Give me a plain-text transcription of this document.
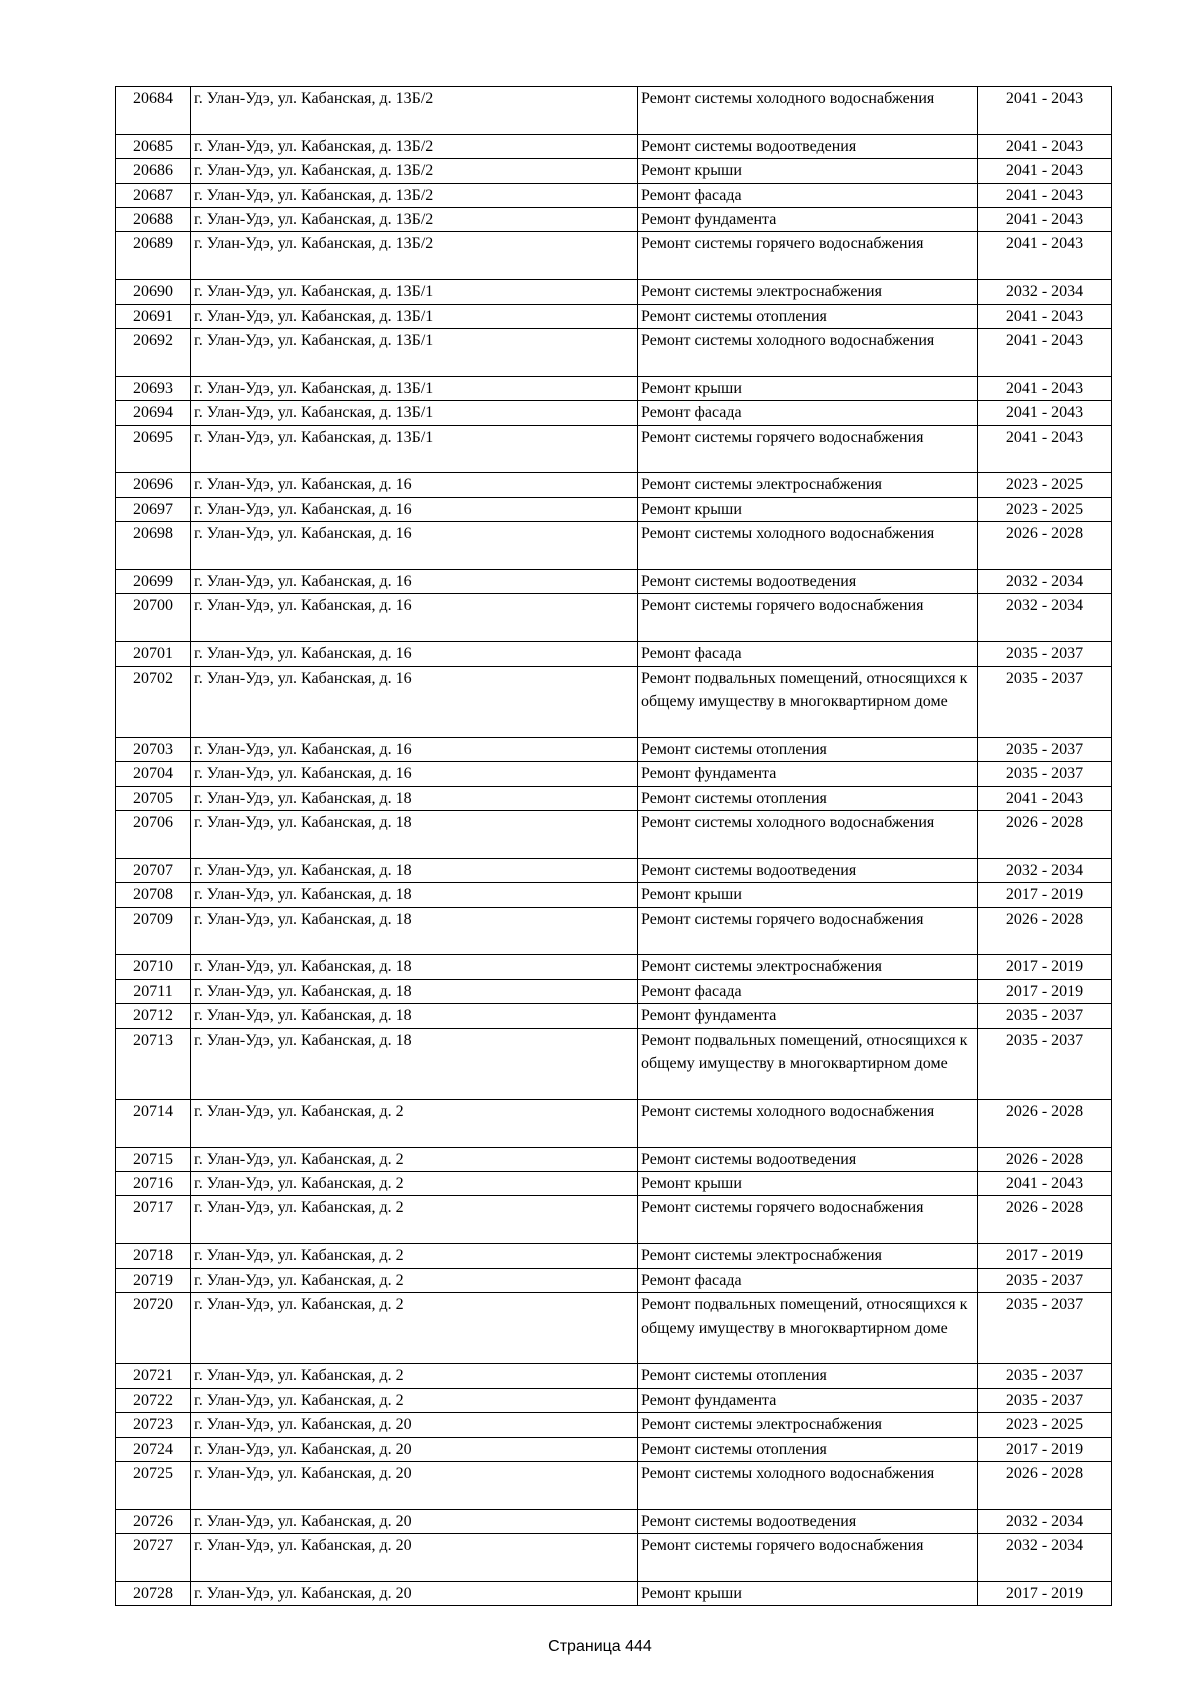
20684	г. Улан-Удэ, ул. Кабанская, д. 13Б/2	Ремонт системы холодного водоснабжения	2041 - 2043
20685	г. Улан-Удэ, ул. Кабанская, д. 13Б/2	Ремонт системы водоотведения	2041 - 2043
20686	г. Улан-Удэ, ул. Кабанская, д. 13Б/2	Ремонт крыши	2041 - 2043
20687	г. Улан-Удэ, ул. Кабанская, д. 13Б/2	Ремонт фасада	2041 - 2043
20688	г. Улан-Удэ, ул. Кабанская, д. 13Б/2	Ремонт фундамента	2041 - 2043
20689	г. Улан-Удэ, ул. Кабанская, д. 13Б/2	Ремонт системы горячего водоснабжения	2041 - 2043
20690	г. Улан-Удэ, ул. Кабанская, д. 13Б/1	Ремонт системы электроснабжения	2032 - 2034
20691	г. Улан-Удэ, ул. Кабанская, д. 13Б/1	Ремонт системы отопления	2041 - 2043
20692	г. Улан-Удэ, ул. Кабанская, д. 13Б/1	Ремонт системы холодного водоснабжения	2041 - 2043
20693	г. Улан-Удэ, ул. Кабанская, д. 13Б/1	Ремонт крыши	2041 - 2043
20694	г. Улан-Удэ, ул. Кабанская, д. 13Б/1	Ремонт фасада	2041 - 2043
20695	г. Улан-Удэ, ул. Кабанская, д. 13Б/1	Ремонт системы горячего водоснабжения	2041 - 2043
20696	г. Улан-Удэ, ул. Кабанская, д. 16	Ремонт системы электроснабжения	2023 - 2025
20697	г. Улан-Удэ, ул. Кабанская, д. 16	Ремонт крыши	2023 - 2025
20698	г. Улан-Удэ, ул. Кабанская, д. 16	Ремонт системы холодного водоснабжения	2026 - 2028
20699	г. Улан-Удэ, ул. Кабанская, д. 16	Ремонт системы водоотведения	2032 - 2034
20700	г. Улан-Удэ, ул. Кабанская, д. 16	Ремонт системы горячего водоснабжения	2032 - 2034
20701	г. Улан-Удэ, ул. Кабанская, д. 16	Ремонт фасада	2035 - 2037
20702	г. Улан-Удэ, ул. Кабанская, д. 16	Ремонт подвальных помещений, относящихся к общему имуществу в многоквартирном доме	2035 - 2037
20703	г. Улан-Удэ, ул. Кабанская, д. 16	Ремонт системы отопления	2035 - 2037
20704	г. Улан-Удэ, ул. Кабанская, д. 16	Ремонт фундамента	2035 - 2037
20705	г. Улан-Удэ, ул. Кабанская, д. 18	Ремонт системы отопления	2041 - 2043
20706	г. Улан-Удэ, ул. Кабанская, д. 18	Ремонт системы холодного водоснабжения	2026 - 2028
20707	г. Улан-Удэ, ул. Кабанская, д. 18	Ремонт системы водоотведения	2032 - 2034
20708	г. Улан-Удэ, ул. Кабанская, д. 18	Ремонт крыши	2017 - 2019
20709	г. Улан-Удэ, ул. Кабанская, д. 18	Ремонт системы горячего водоснабжения	2026 - 2028
20710	г. Улан-Удэ, ул. Кабанская, д. 18	Ремонт системы электроснабжения	2017 - 2019
20711	г. Улан-Удэ, ул. Кабанская, д. 18	Ремонт фасада	2017 - 2019
20712	г. Улан-Удэ, ул. Кабанская, д. 18	Ремонт фундамента	2035 - 2037
20713	г. Улан-Удэ, ул. Кабанская, д. 18	Ремонт подвальных помещений, относящихся к общему имуществу в многоквартирном доме	2035 - 2037
20714	г. Улан-Удэ, ул. Кабанская, д. 2	Ремонт системы холодного водоснабжения	2026 - 2028
20715	г. Улан-Удэ, ул. Кабанская, д. 2	Ремонт системы водоотведения	2026 - 2028
20716	г. Улан-Удэ, ул. Кабанская, д. 2	Ремонт крыши	2041 - 2043
20717	г. Улан-Удэ, ул. Кабанская, д. 2	Ремонт системы горячего водоснабжения	2026 - 2028
20718	г. Улан-Удэ, ул. Кабанская, д. 2	Ремонт системы электроснабжения	2017 - 2019
20719	г. Улан-Удэ, ул. Кабанская, д. 2	Ремонт фасада	2035 - 2037
20720	г. Улан-Удэ, ул. Кабанская, д. 2	Ремонт подвальных помещений, относящихся к общему имуществу в многоквартирном доме	2035 - 2037
20721	г. Улан-Удэ, ул. Кабанская, д. 2	Ремонт системы отопления	2035 - 2037
20722	г. Улан-Удэ, ул. Кабанская, д. 2	Ремонт фундамента	2035 - 2037
20723	г. Улан-Удэ, ул. Кабанская, д. 20	Ремонт системы электроснабжения	2023 - 2025
20724	г. Улан-Удэ, ул. Кабанская, д. 20	Ремонт системы отопления	2017 - 2019
20725	г. Улан-Удэ, ул. Кабанская, д. 20	Ремонт системы холодного водоснабжения	2026 - 2028
20726	г. Улан-Удэ, ул. Кабанская, д. 20	Ремонт системы водоотведения	2032 - 2034
20727	г. Улан-Удэ, ул. Кабанская, д. 20	Ремонт системы горячего водоснабжения	2032 - 2034
20728	г. Улан-Удэ, ул. Кабанская, д. 20	Ремонт крыши	2017 - 2019
Страница 444
